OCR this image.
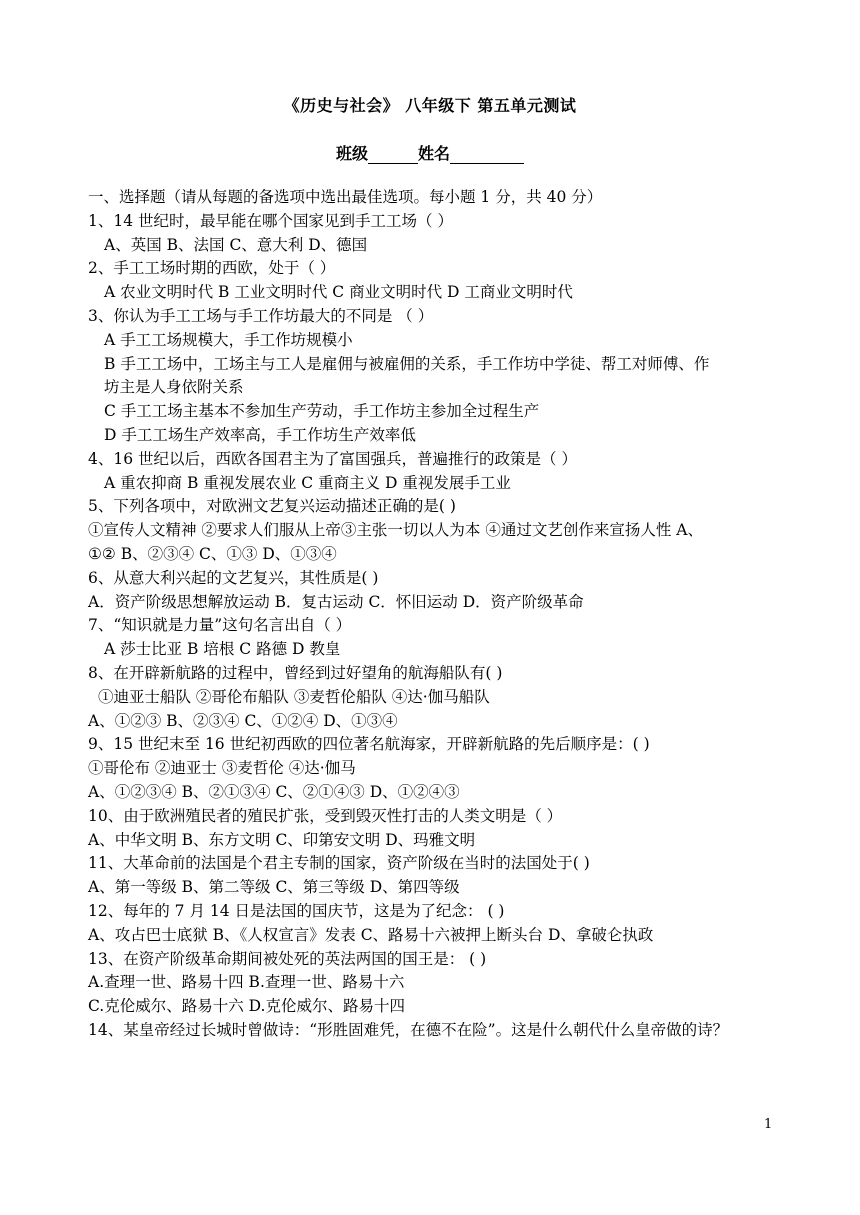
《历史与社会》 八年级下 第五单元测试
班级	姓名
一、选择题（请从每题的备选项中选出最佳选项。每小题 1 分，共 40 分）
1、14 世纪时，最早能在哪个国家见到手工工场（ ）
A、英国 B、法国 C、意大利 D、德国
2、手工工场时期的西欧，处于（ ）
A 农业文明时代 B 工业文明时代 C 商业文明时代 D 工商业文明时代
3、你认为手工工场与手工作坊最大的不同是 （ ）
A 手工工场规模大，手工作坊规模小
B 手工工场中，工场主与工人是雇佣与被雇佣的关系，手工作坊中学徒、帮工对师傅、作
坊主是人身依附关系
C 手工工场主基本不参加生产劳动，手工作坊主参加全过程生产
D 手工工场生产效率高，手工作坊生产效率低
4、16 世纪以后，西欧各国君主为了富国强兵，普遍推行的政策是（ ）
A 重农抑商 B 重视发展农业 C 重商主义 D 重视发展手工业
5、下列各项中，对欧洲文艺复兴运动描述正确的是( )
①宣传人文精神 ②要求人们服从上帝③主张一切以人为本 ④通过文艺创作来宣扬人性 A、
①② B、②③④ C、①③ D、①③④
6、从意大利兴起的文艺复兴，其性质是( )
A．资产阶级思想解放运动 B．复古运动 C．怀旧运动 D．资产阶级革命
7、“知识就是力量”这句名言出自（ ）
A 莎士比亚 B 培根 C 路德 D 教皇
8、在开辟新航路的过程中，曾经到过好望角的航海船队有( )
①迪亚士船队 ②哥伦布船队 ③麦哲伦船队 ④达·伽马船队
A、①②③ B、②③④ C、①②④ D、①③④
9、15 世纪末至 16 世纪初西欧的四位著名航海家，开辟新航路的先后顺序是：( )
①哥伦布 ②迪亚士 ③麦哲伦 ④达·伽马
A、①②③④ B、②①③④ C、②①④③ D、①②④③
10、由于欧洲殖民者的殖民扩张，受到毁灭性打击的人类文明是（ ）
A、中华文明 B、东方文明 C、印第安文明 D、玛雅文明
11、大革命前的法国是个君主专制的国家，资产阶级在当时的法国处于( )
A、第一等级 B、第二等级 C、第三等级 D、第四等级
12、每年的 7 月 14 日是法国的国庆节，这是为了纪念： ( )
A、攻占巴士底狱 B、《人权宣言》发表 C、路易十六被押上断头台 D、拿破仑执政
13、在资产阶级革命期间被处死的英法两国的国王是： ( )
A.查理一世、路易十四 B.查理一世、路易十六
C.克伦威尔、路易十六 D.克伦威尔、路易十四
14、某皇帝经过长城时曾做诗：“形胜固难凭，在德不在险”。这是什么朝代什么皇帝做的诗？
1
